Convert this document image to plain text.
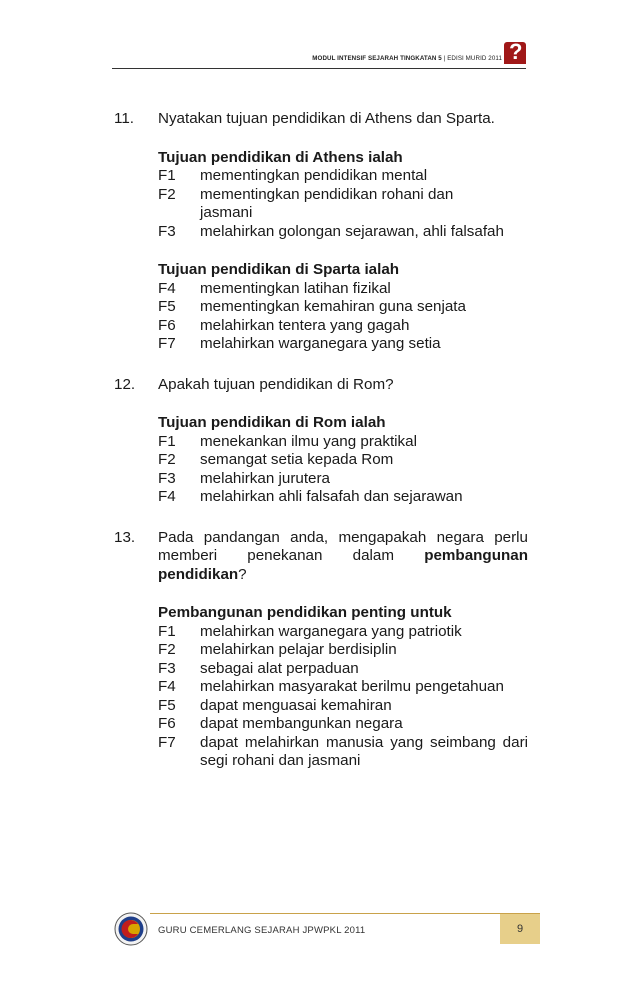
MODUL INTENSIF SEJARAH TINGKATAN 5 | EDISI MURID 2011 ?
11. Nyatakan tujuan pendidikan di Athens dan Sparta.
Tujuan pendidikan di Athens ialah
F1 mementingkan pendidikan mental
F2 mementingkan pendidikan rohani dan jasmani
F3 melahirkan golongan sejarawan, ahli falsafah
Tujuan pendidikan di Sparta ialah
F4 mementingkan latihan fizikal
F5 mementingkan kemahiran guna senjata
F6 melahirkan tentera yang gagah
F7 melahirkan warganegara yang setia
12. Apakah tujuan pendidikan di Rom?
Tujuan pendidikan di Rom ialah
F1 menekankan ilmu yang praktikal
F2 semangat setia kepada Rom
F3 melahirkan jurutera
F4 melahirkan ahli falsafah dan sejarawan
13. Pada pandangan anda, mengapakah negara perlu memberi penekanan dalam pembangunan pendidikan?
Pembangunan pendidikan penting untuk
F1 melahirkan warganegara yang patriotik
F2 melahirkan pelajar berdisiplin
F3 sebagai alat perpaduan
F4 melahirkan masyarakat berilmu pengetahuan
F5 dapat menguasai kemahiran
F6 dapat membangunkan negara
F7 dapat melahirkan manusia yang seimbang dari segi rohani dan jasmani
GURU CEMERLANG SEJARAH JPWPKL 2011	9
